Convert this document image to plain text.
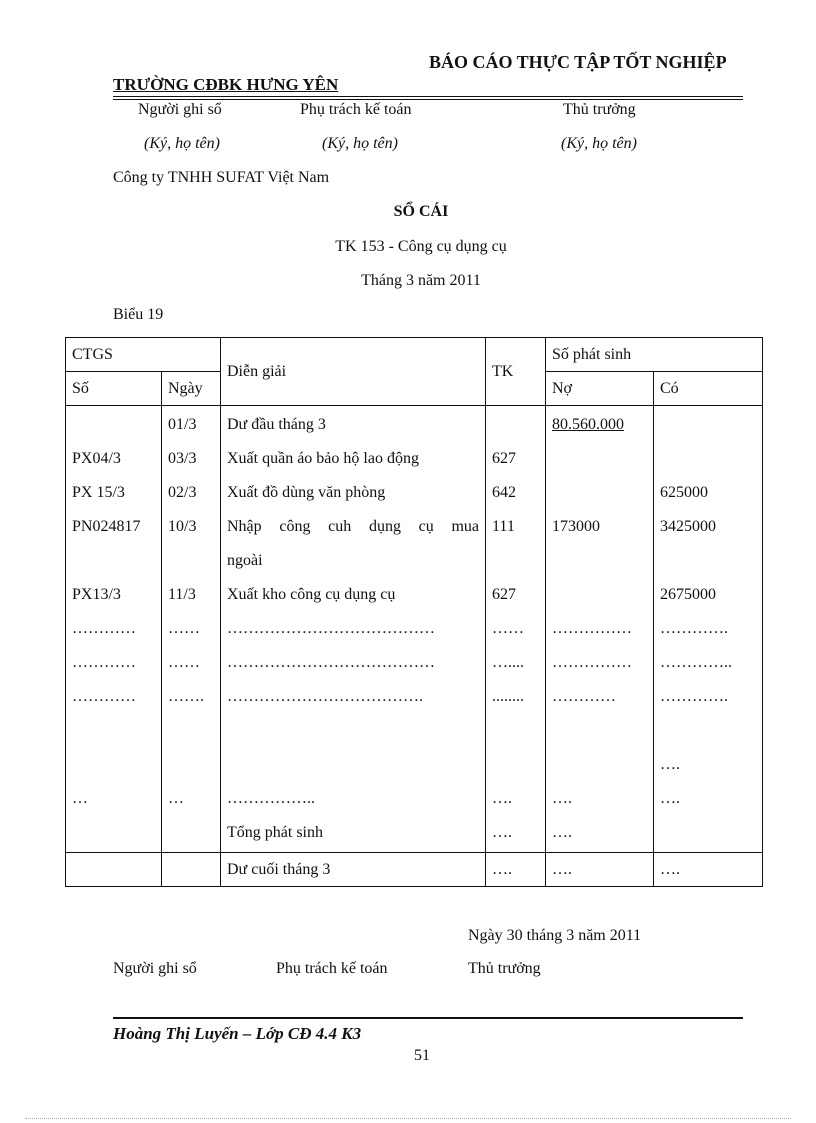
BÁO CÁO THỰC TẬP TỐT NGHIỆP
TRƯỜNG CĐBK HƯNG YÊN
Người ghi sổ	Phụ trách kế toán	Thủ trưởng
(Ký, họ tên)	(Ký, họ tên)	(Ký, họ tên)
Công ty TNHH SUFAT Việt Nam
SỔ CÁI
TK 153 - Công cụ dụng cụ
Tháng 3 năm 2011
Biểu 19
CTGS		Diễn giải	TK	Số phát sinh	
Số	Ngày			Nợ	Có
	01/3	Dư đầu tháng 3		80.560.000	
PX04/3	03/3	Xuất quần áo bảo hộ lao động	627		
PX 15/3	02/3	Xuất đồ dùng văn phòng	642		625000
PN024817	10/3	Nhập công cuh dụng cụ mua	111	173000	3425000
		ngoài			
PX13/3	11/3	Xuất kho công cụ dụng cụ	627		2675000
…………	……	…………………………………	……	……………	………….
…………	……	…………………………………	…....	……………	…………..
…………	…….	……………………………….	........	…………	………….

					….
…	…	……………..	….	….	….
		Tổng phát sinh	….	….	
		Dư cuối tháng 3	….	….	….
Ngày 30 tháng 3 năm 2011
Người ghi sổ	Phụ trách kế toán	Thủ trưởng
Hoàng Thị Luyến – Lớp CĐ 4.4 K3
51
